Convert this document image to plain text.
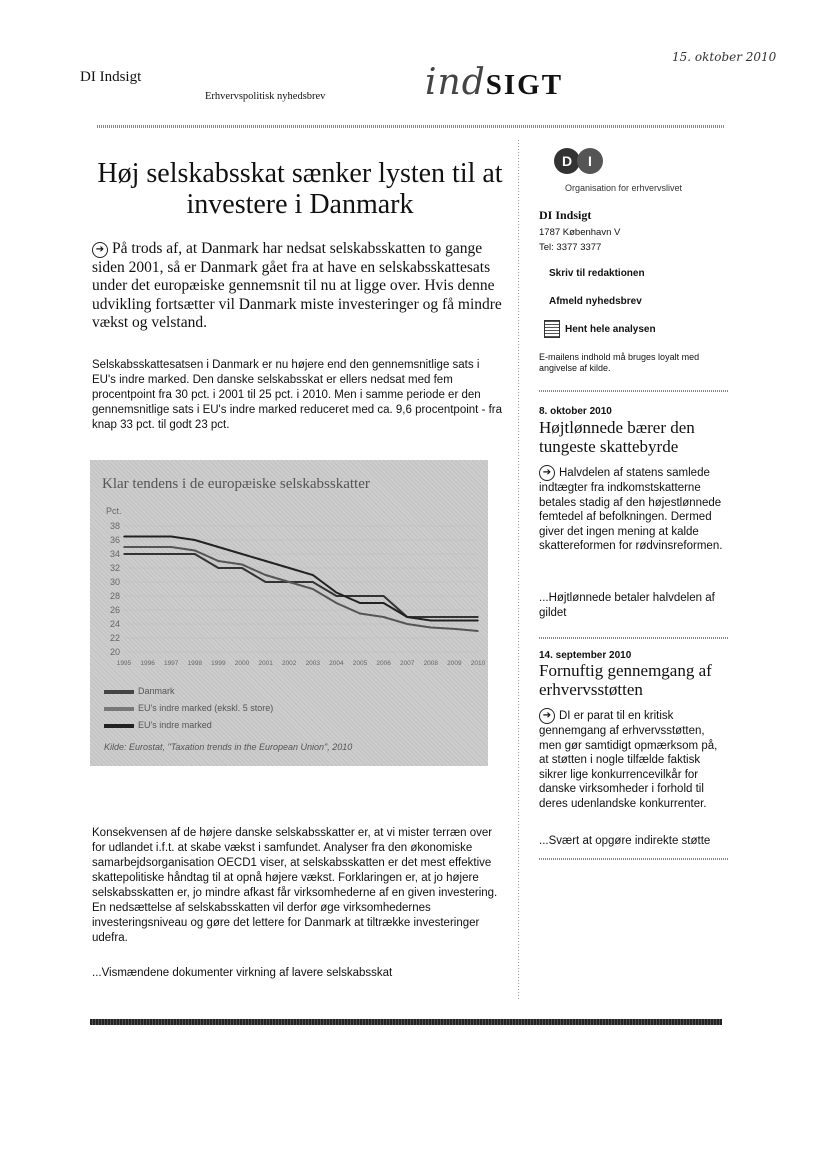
15. oktober 2010
DI Indsigt
Erhvervspolitisk nyhedsbrev	indSIGT
Høj selskabsskat sænker lysten til at investere i Danmark
➔ På trods af, at Danmark har nedsat selskabsskatten to gange siden 2001, så er Danmark gået fra at have en selskabsskattesats under det europæiske gennemsnit til nu at ligge over. Hvis denne udvikling fortsætter vil Danmark miste investeringer og få mindre vækst og velstand.
Selskabsskattesatsen i Danmark er nu højere end den gennemsnitlige sats i EU's indre marked. Den danske selskabsskat er ellers nedsat med fem procentpoint fra 30 pct. i 2001 til 25 pct. i 2010. Men i samme periode er den gennemsnitlige sats i EU's indre marked reduceret med ca. 9,6 procentpoint - fra knap 33 pct. til godt 23 pct.
Klar tendens i de europæiske selskabsskatter
Pct.
38
36
34
32
30
28
26
24
22
20
1995 1996 1997 1998 1999 2000 2001 2002 2003 2004 2005 2006 2007 2008 2009 2010
Danmark
EU's indre marked (ekskl. 5 store)
EU's indre marked
Kilde: Eurostat, "Taxation trends in the European Union", 2010
Konsekvensen af de højere danske selskabsskatter er, at vi mister terræn over for udlandet i.f.t. at skabe vækst i samfundet. Analyser fra den økonomiske samarbejdsorganisation OECD1 viser, at selskabsskatten er det mest effektive skattepolitiske håndtag til at opnå højere vækst. Forklaringen er, at jo højere selskabsskatten er, jo mindre afkast får virksomhederne af en given investering. En nedsættelse af selskabsskatten vil derfor øge virksomhedernes investeringsniveau og gøre det lettere for Danmark at tiltrække investeringer udefra.
...Vismændene dokumenter virkning af lavere selskabsskat
D	I
Organisation for erhvervslivet
DI Indsigt
1787 København V
Tel: 3377 3377
Skriv til redaktionen
Afmeld nyhedsbrev
Hent hele analysen
E-mailens indhold må bruges loyalt med angivelse af kilde.
8. oktober 2010
Højtlønnede bærer den tungeste skattebyrde
➔ Halvdelen af statens samlede indtægter fra indkomstskatterne betales stadig af den højestlønnede femtedel af befolkningen. Dermed giver det ingen mening at kalde skattereformen for rødvinsreformen.
...Højtlønnede betaler halvdelen af gildet
14. september 2010
Fornuftig gennemgang af erhvervsstøtten
➔ DI er parat til en kritisk gennemgang af erhvervsstøtten, men gør samtidigt opmærksom på, at støtten i nogle tilfælde faktisk sikrer lige konkurrencevilkår for danske virksomheder i forhold til deres udenlandske konkurrenter.
...Svært at opgøre indirekte støtte
